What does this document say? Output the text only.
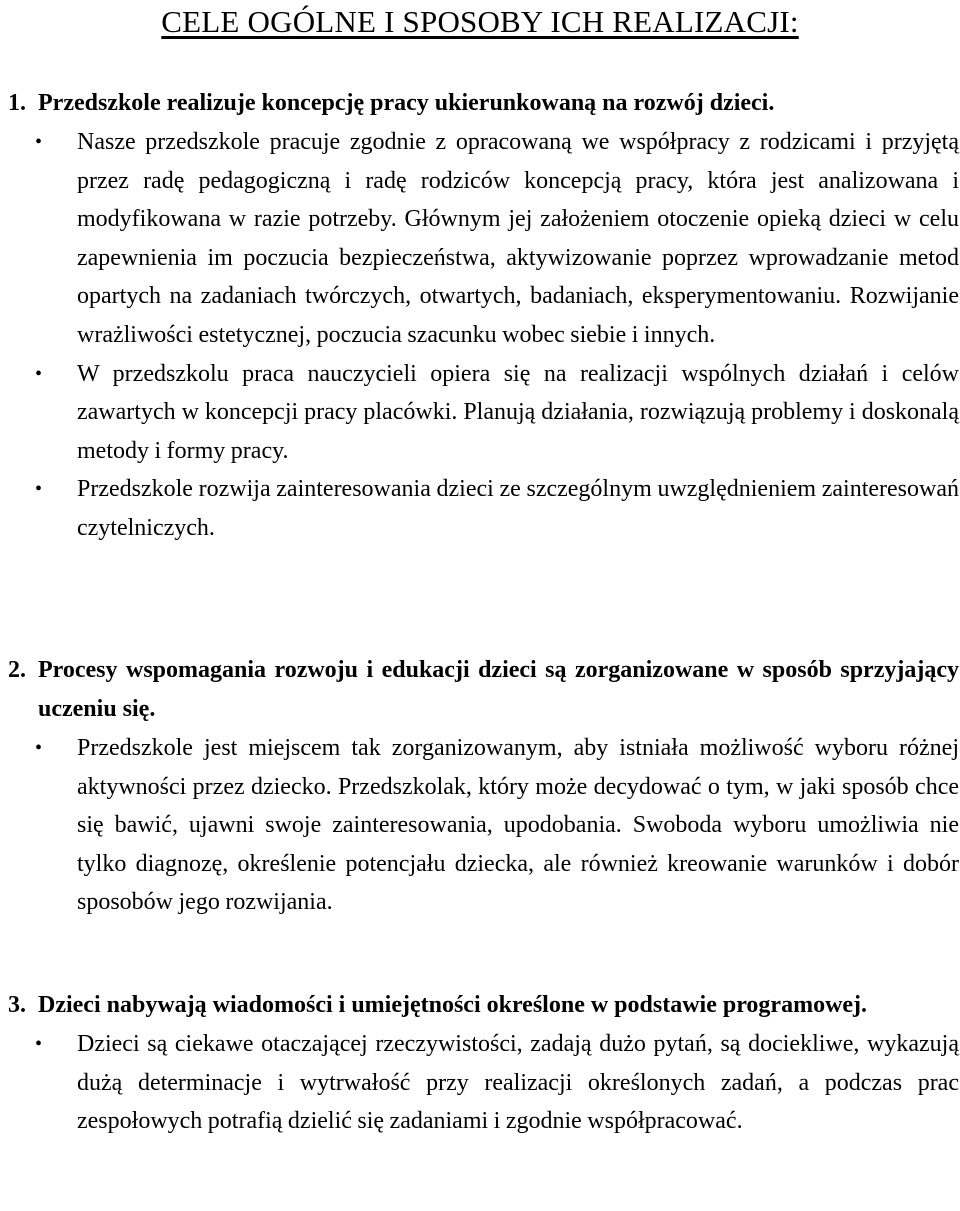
CELE OGÓLNE I SPOSOBY ICH REALIZACJI:
1. Przedszkole realizuje koncepcję pracy ukierunkowaną na rozwój dzieci.
•	Nasze przedszkole pracuje zgodnie z opracowaną we współpracy z rodzicami i przyjętą przez radę pedagogiczną i radę rodziców koncepcją pracy, która jest analizowana i modyfikowana w razie potrzeby. Głównym jej założeniem otoczenie opieką dzieci w celu zapewnienia im poczucia bezpieczeństwa, aktywizowanie poprzez wprowadzanie metod opartych na zadaniach twórczych, otwartych, badaniach, eksperymentowaniu. Rozwijanie wrażliwości estetycznej, poczucia szacunku wobec siebie i innych.
•	W przedszkolu praca nauczycieli opiera się na realizacji wspólnych działań i celów zawartych w koncepcji pracy placówki. Planują działania, rozwiązują problemy i doskonalą metody i formy pracy.
•	Przedszkole rozwija zainteresowania dzieci ze szczególnym uwzględnieniem zainteresowań czytelniczych.
2. Procesy wspomagania rozwoju i edukacji dzieci są zorganizowane w sposób sprzyjający uczeniu się.
•	Przedszkole jest miejscem tak zorganizowanym, aby istniała możliwość wyboru różnej aktywności przez dziecko. Przedszkolak, który może decydować o tym, w jaki sposób chce się bawić, ujawni swoje zainteresowania, upodobania. Swoboda wyboru umożliwia nie tylko diagnozę, określenie potencjału dziecka, ale również kreowanie warunków i dobór sposobów jego rozwijania.
3. Dzieci nabywają wiadomości i umiejętności określone w podstawie programowej.
•	Dzieci są ciekawe otaczającej rzeczywistości, zadają dużo pytań, są dociekliwe, wykazują dużą determinacje i wytrwałość przy realizacji określonych zadań, a podczas prac zespołowych potrafią dzielić się zadaniami i zgodnie współpracować.
